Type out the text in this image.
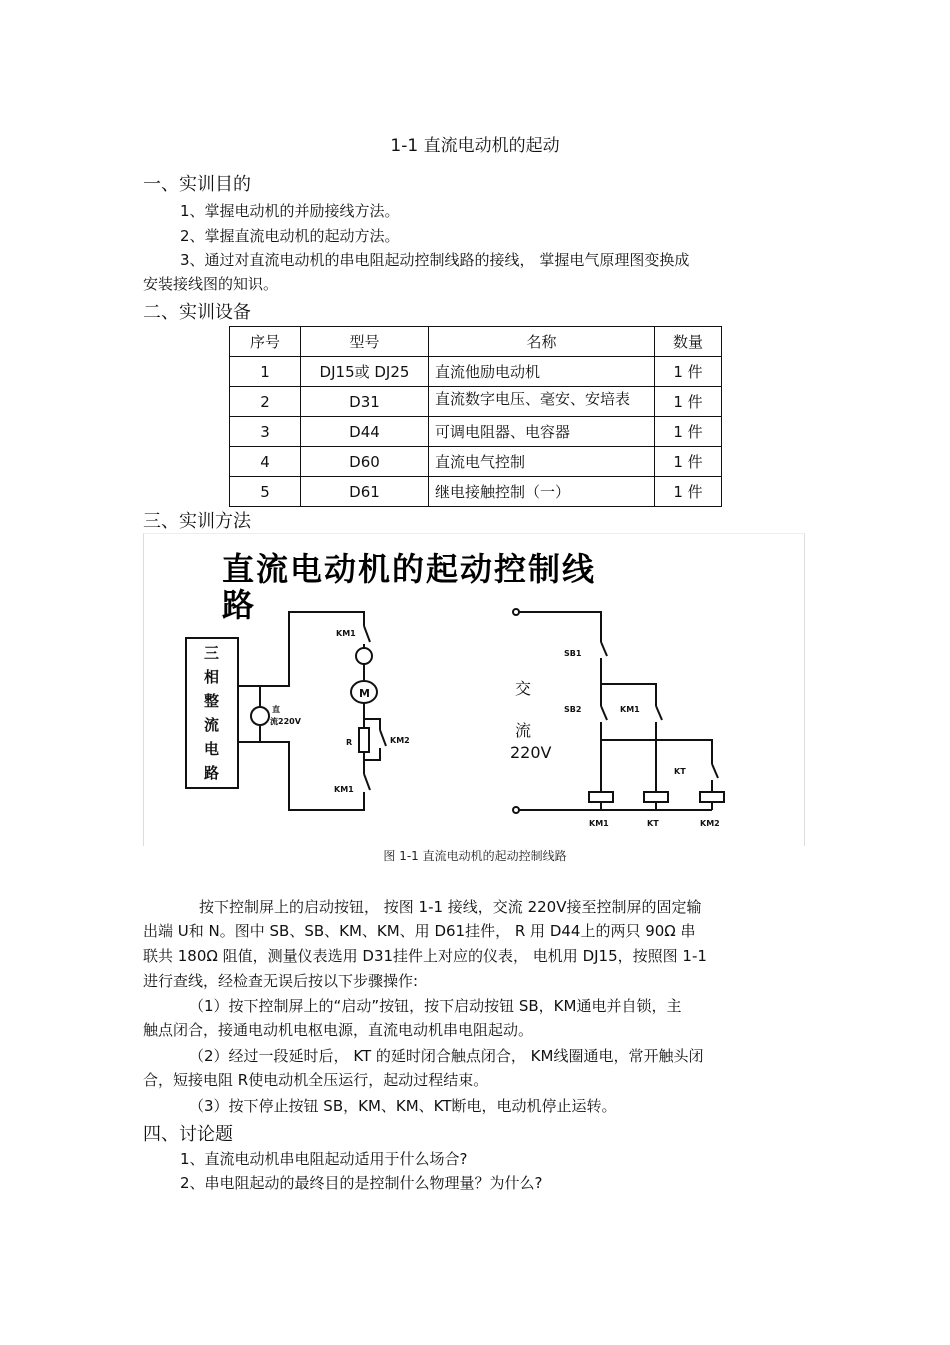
1-1 直流电动机的起动
一、实训目的
1、掌握电动机的并励接线方法。
2、掌握直流电动机的起动方法。
3、通过对直流电动机的串电阻起动控制线路的接线， 掌握电气原理图变换成
安装接线图的知识。
二、实训设备
序号	型号	名称	数量
1	DJ15或 DJ25	直流他励电动机	1 件
2	D31	直流数字电压、毫安、安培表	1 件
3	D44	可调电阻器、电容器	1 件
4	D60	直流电气控制	1 件
5	D61	继电接触控制（一）	1 件
三、实训方法
直流电动机的起动控制线
路
三
相
整
流
电
路
直
流220V
KM1
M
R	KM2
KM1
交
流
220V
SB1
SB2	KM1
KT
KM1	KT	KM2
图 1-1 直流电动机的起动控制线路
按下控制屏上的启动按钮， 按图 1-1 接线，交流 220V接至控制屏的固定输
出端 U和 N。图中 SB、SB、KM、KM、用 D61挂件， R 用 D44上的两只 90Ω 串
联共 180Ω 阻值，测量仪表选用 D31挂件上对应的仪表， 电机用 DJ15，按照图 1-1
进行查线，经检查无误后按以下步骤操作:
（1）按下控制屏上的“启动”按钮，按下启动按钮 SB，KM通电并自锁，主
触点闭合，接通电动机电枢电源，直流电动机串电阻起动。
（2）经过一段延时后， KT 的延时闭合触点闭合， KM线圈通电，常开触头闭
合，短接电阻 R使电动机全压运行，起动过程结束。
（3）按下停止按钮 SB，KM、KM、KT断电，电动机停止运转。
四、讨论题
1、直流电动机串电阻起动适用于什么场合?
2、串电阻起动的最终目的是控制什么物理量？为什么?
